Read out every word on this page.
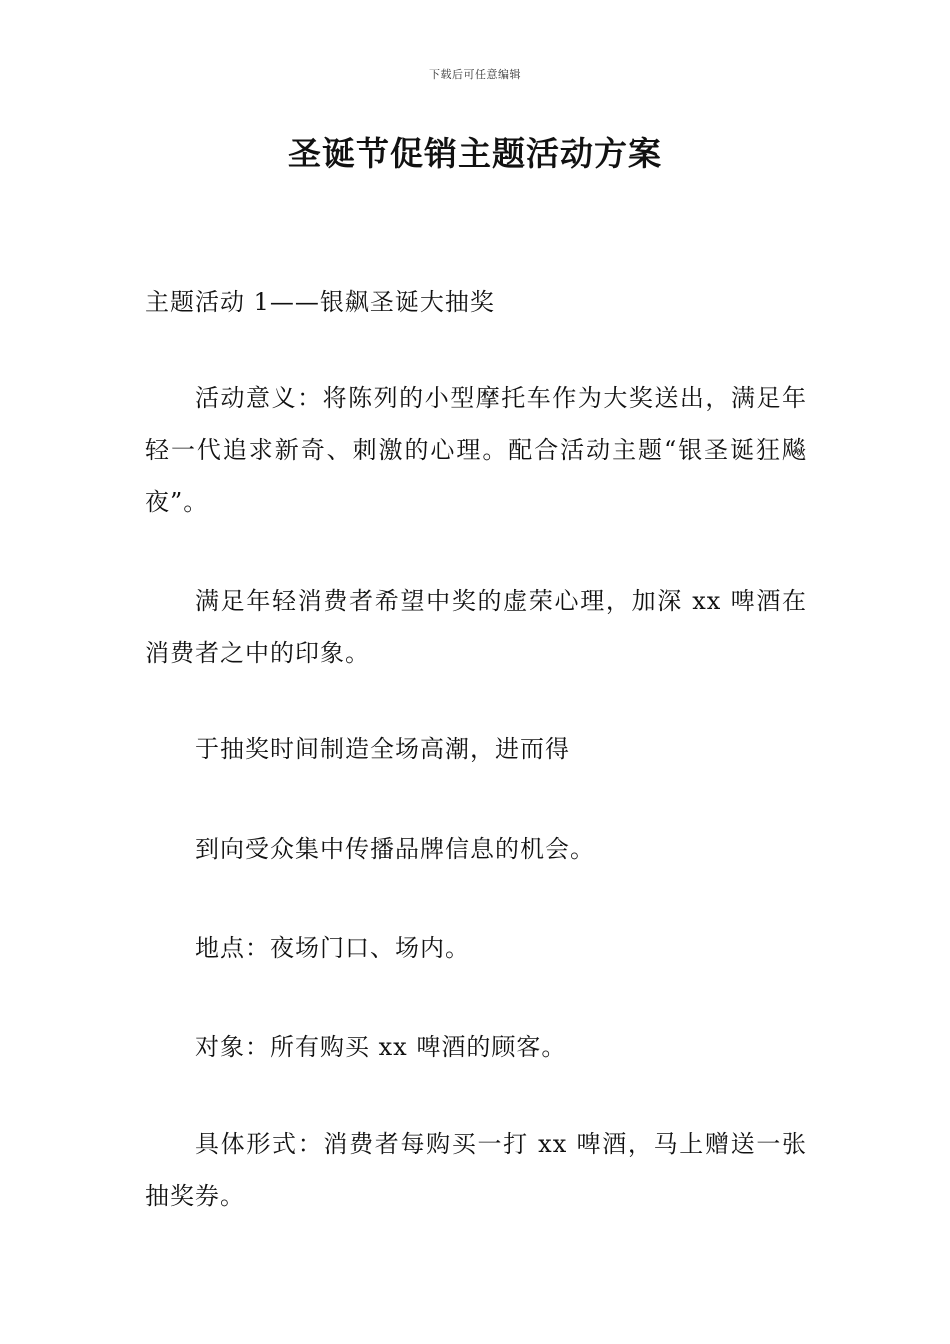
下载后可任意编辑
圣诞节促销主题活动方案

主题活动 1——银飙圣诞大抽奖

活动意义：将陈列的小型摩托车作为大奖送出，满足年轻一代追求新奇、刺激的心理。配合活动主题“银圣诞狂飚夜”。

满足年轻消费者希望中奖的虚荣心理，加深 xx 啤酒在消费者之中的印象。

于抽奖时间制造全场高潮，进而得

到向受众集中传播品牌信息的机会。

地点：夜场门口、场内。

对象：所有购买 xx 啤酒的顾客。

具体形式：消费者每购买一打 xx 啤酒，马上赠送一张抽奖券。
